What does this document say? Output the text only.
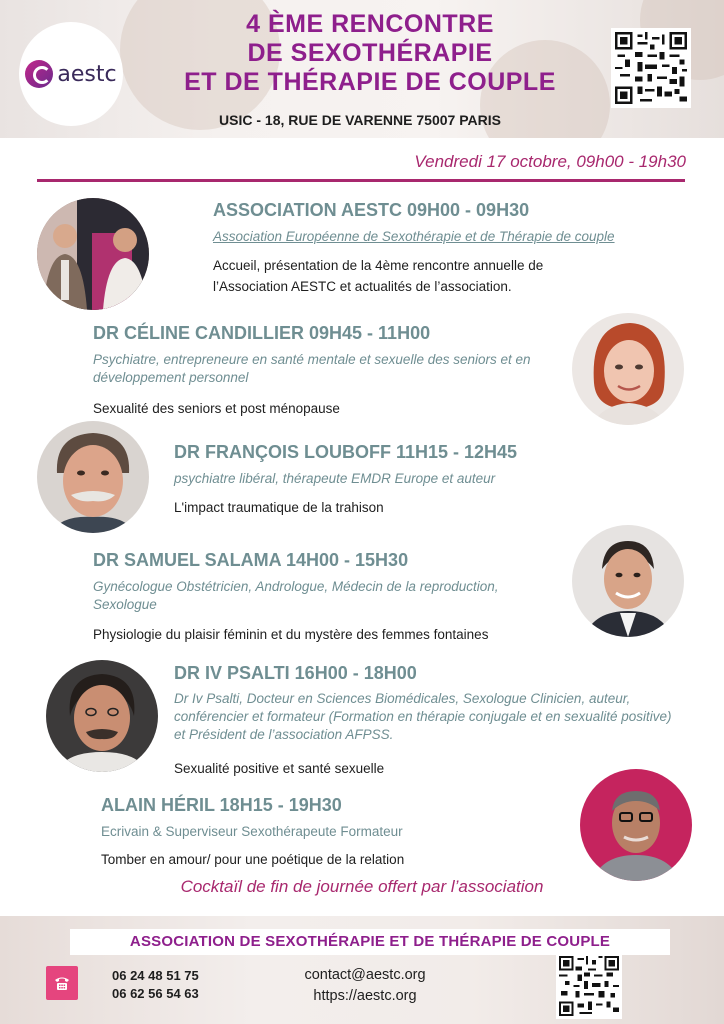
aestc
4 ÈME RENCONTRE
DE SEXOTHÉRAPIE
ET DE THÉRAPIE DE COUPLE
USIC - 18, RUE DE VARENNE 75007 PARIS
Vendredi 17 octobre, 09h00 - 19h30
ASSOCIATION AESTC 09H00 - 09H30
Association Européenne de Sexothérapie et de Thérapie de couple
Accueil, présentation de la 4ème rencontre annuelle de l’Association AESTC et actualités de l’association.
DR CÉLINE CANDILLIER 09H45 - 11H00
Psychiatre, entrepreneure en santé mentale et sexuelle des seniors et en développement personnel
Sexualité des seniors et post ménopause
DR FRANÇOIS LOUBOFF 11H15 - 12H45
psychiatre libéral, thérapeute EMDR Europe et auteur
L'impact traumatique de la trahison
DR SAMUEL SALAMA 14H00 - 15H30
Gynécologue Obstétricien, Andrologue, Médecin de la reproduction, Sexologue
Physiologie du plaisir féminin et du mystère des femmes fontaines
DR IV PSALTI 16H00 - 18H00
Dr Iv Psalti, Docteur en Sciences Biomédicales, Sexologue Clinicien, auteur, conférencier et formateur (Formation en thérapie conjugale et en sexualité positive) et Président de l’association AFPSS.
Sexualité positive et santé sexuelle
ALAIN HÉRIL 18H15 - 19H30
Ecrivain & Superviseur Sexothérapeute Formateur
Tomber en amour/ pour une poétique de la relation
Cocktaïl de fin de journée offert par l’association
ASSOCIATION DE SEXOTHÉRAPIE ET DE THÉRAPIE DE COUPLE
06 24 48 51 75
06 62 56 54 63
contact@aestc.org
https://aestc.org
